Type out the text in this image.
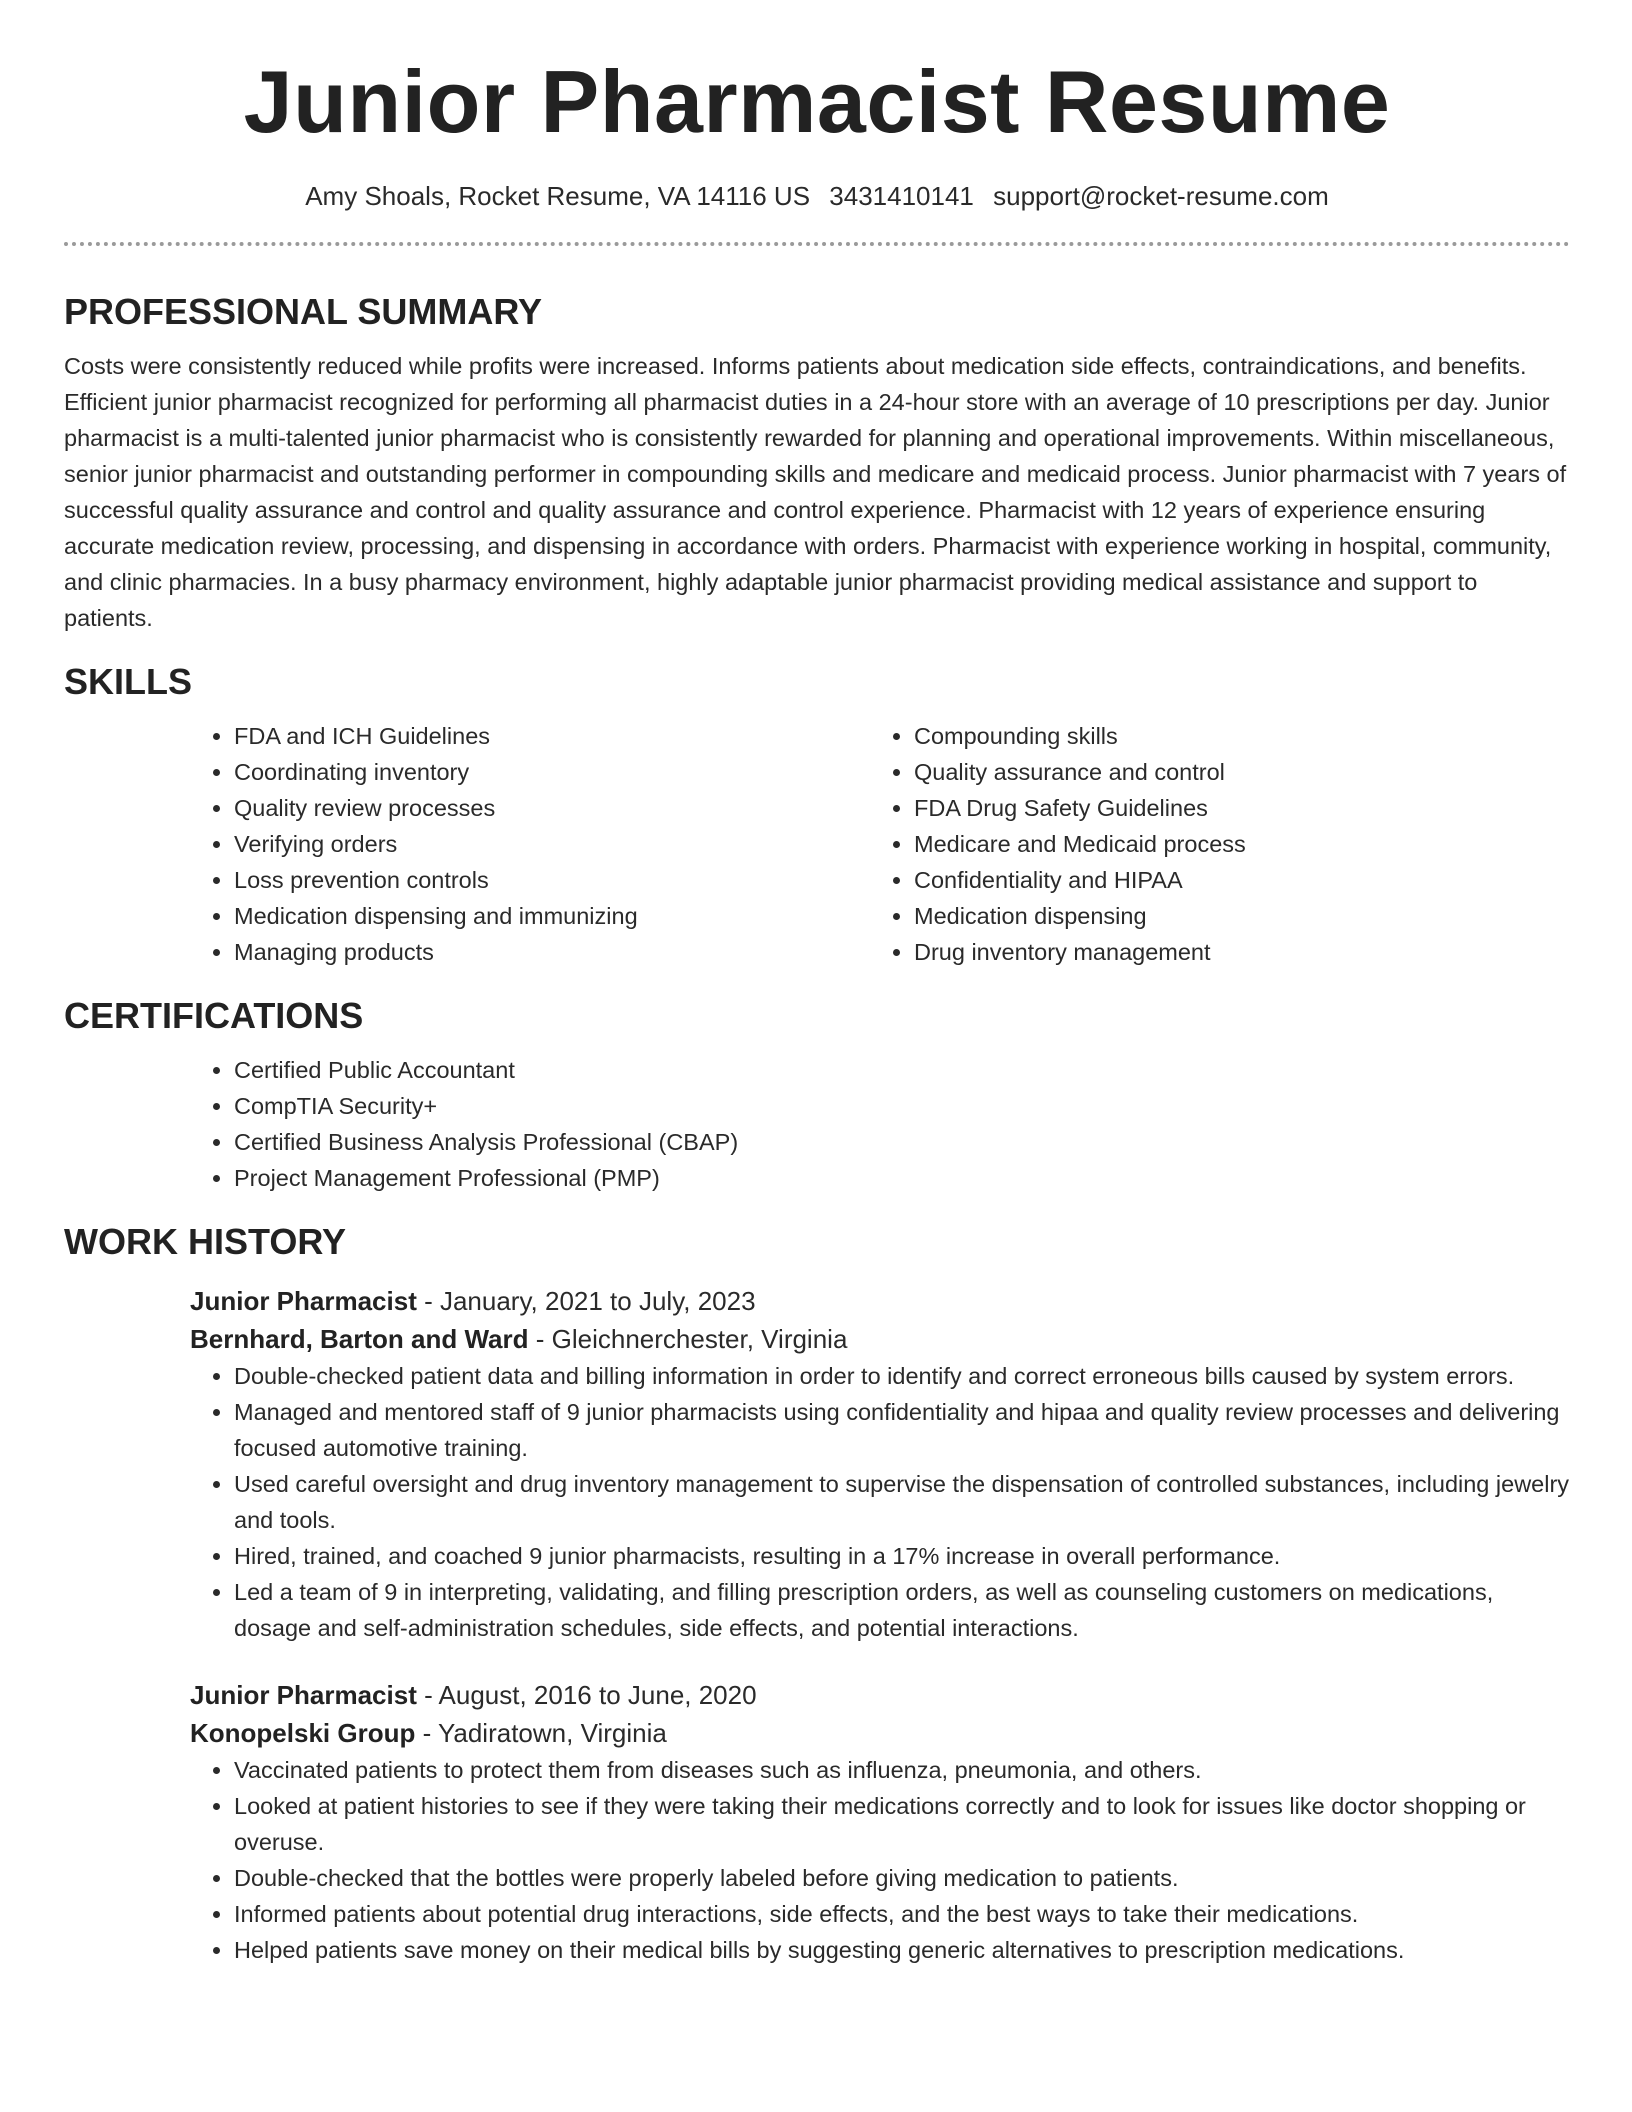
Junior Pharmacist Resume
Amy Shoals, Rocket Resume, VA 14116 US 3431410141 support@rocket-resume.com
PROFESSIONAL SUMMARY

Costs were consistently reduced while profits were increased. Informs patients about medication side effects, contraindications, and benefits. Efficient junior pharmacist recognized for performing all pharmacist duties in a 24-hour store with an average of 10 prescriptions per day. Junior pharmacist is a multi-talented junior pharmacist who is consistently rewarded for planning and operational improvements. Within miscellaneous, senior junior pharmacist and outstanding performer in compounding skills and medicare and medicaid process. Junior pharmacist with 7 years of successful quality assurance and control and quality assurance and control experience. Pharmacist with 12 years of experience ensuring accurate medication review, processing, and dispensing in accordance with orders. Pharmacist with experience working in hospital, community, and clinic pharmacies. In a busy pharmacy environment, highly adaptable junior pharmacist providing medical assistance and support to patients.

SKILLS
• FDA and ICH Guidelines
• Coordinating inventory
• Quality review processes
• Verifying orders
• Loss prevention controls
• Medication dispensing and immunizing
• Managing products
• Compounding skills
• Quality assurance and control
• FDA Drug Safety Guidelines
• Medicare and Medicaid process
• Confidentiality and HIPAA
• Medication dispensing
• Drug inventory management
CERTIFICATIONS
• Certified Public Accountant
• CompTIA Security+
• Certified Business Analysis Professional (CBAP)
• Project Management Professional (PMP)
WORK HISTORY
Junior Pharmacist - January, 2021 to July, 2023
Bernhard, Barton and Ward - Gleichnerchester, Virginia
• Double-checked patient data and billing information in order to identify and correct erroneous bills caused by system errors.
• Managed and mentored staff of 9 junior pharmacists using confidentiality and hipaa and quality review processes and delivering focused automotive training.
• Used careful oversight and drug inventory management to supervise the dispensation of controlled substances, including jewelry and tools.
• Hired, trained, and coached 9 junior pharmacists, resulting in a 17% increase in overall performance.
• Led a team of 9 in interpreting, validating, and filling prescription orders, as well as counseling customers on medications, dosage and self-administration schedules, side effects, and potential interactions.
Junior Pharmacist - August, 2016 to June, 2020
Konopelski Group - Yadiratown, Virginia
• Vaccinated patients to protect them from diseases such as influenza, pneumonia, and others.
• Looked at patient histories to see if they were taking their medications correctly and to look for issues like doctor shopping or overuse.
• Double-checked that the bottles were properly labeled before giving medication to patients.
• Informed patients about potential drug interactions, side effects, and the best ways to take their medications.
• Helped patients save money on their medical bills by suggesting generic alternatives to prescription medications.
